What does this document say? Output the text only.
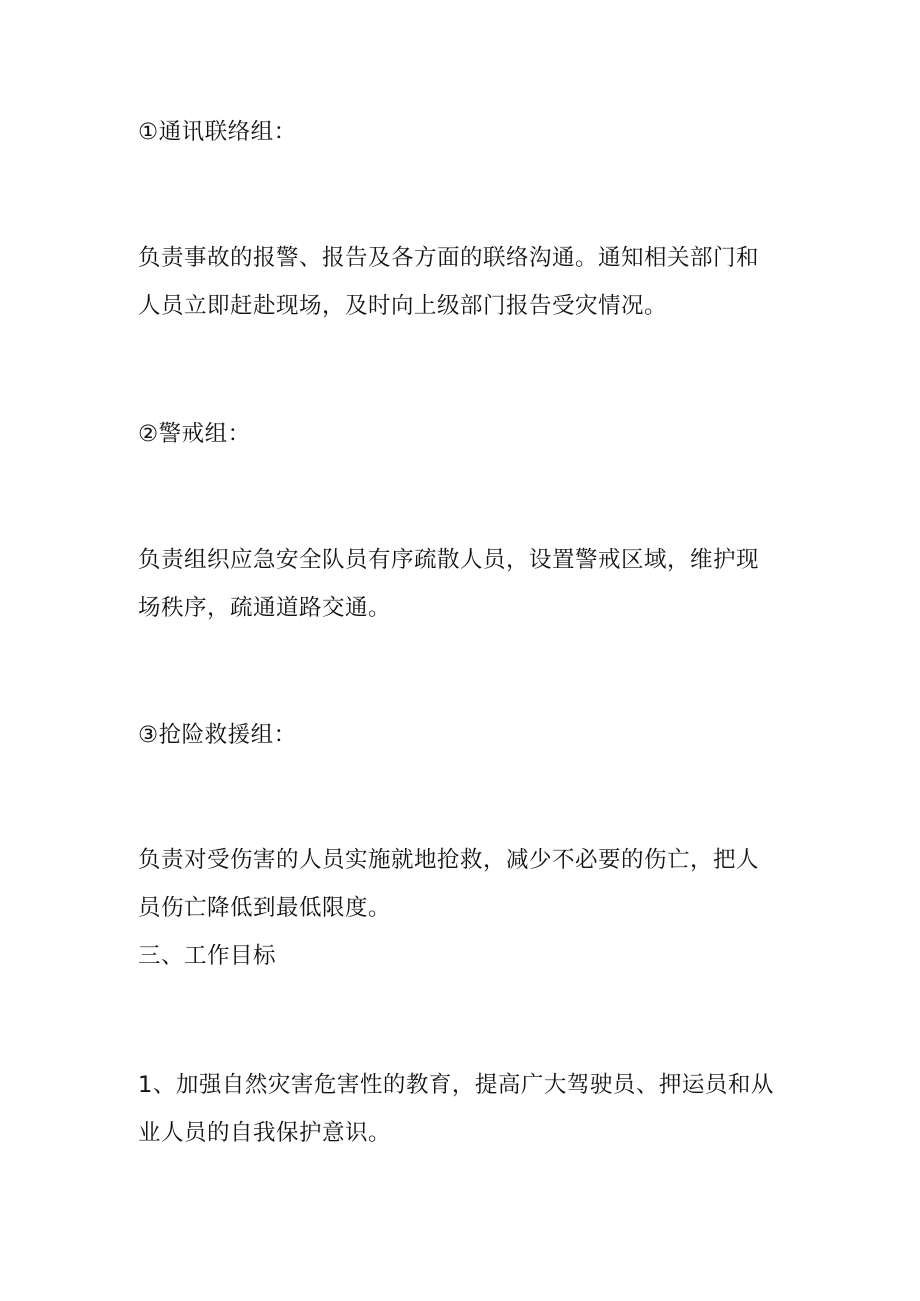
①通讯联络组：
负责事故的报警、报告及各方面的联络沟通。通知相关部门和
人员立即赶赴现场，及时向上级部门报告受灾情况。
②警戒组：
负责组织应急安全队员有序疏散人员，设置警戒区域，维护现
场秩序，疏通道路交通。
③抢险救援组：
负责对受伤害的人员实施就地抢救，减少不必要的伤亡，把人
员伤亡降低到最低限度。
三、工作目标
1、加强自然灾害危害性的教育，提高广大驾驶员、押运员和从
业人员的自我保护意识。
